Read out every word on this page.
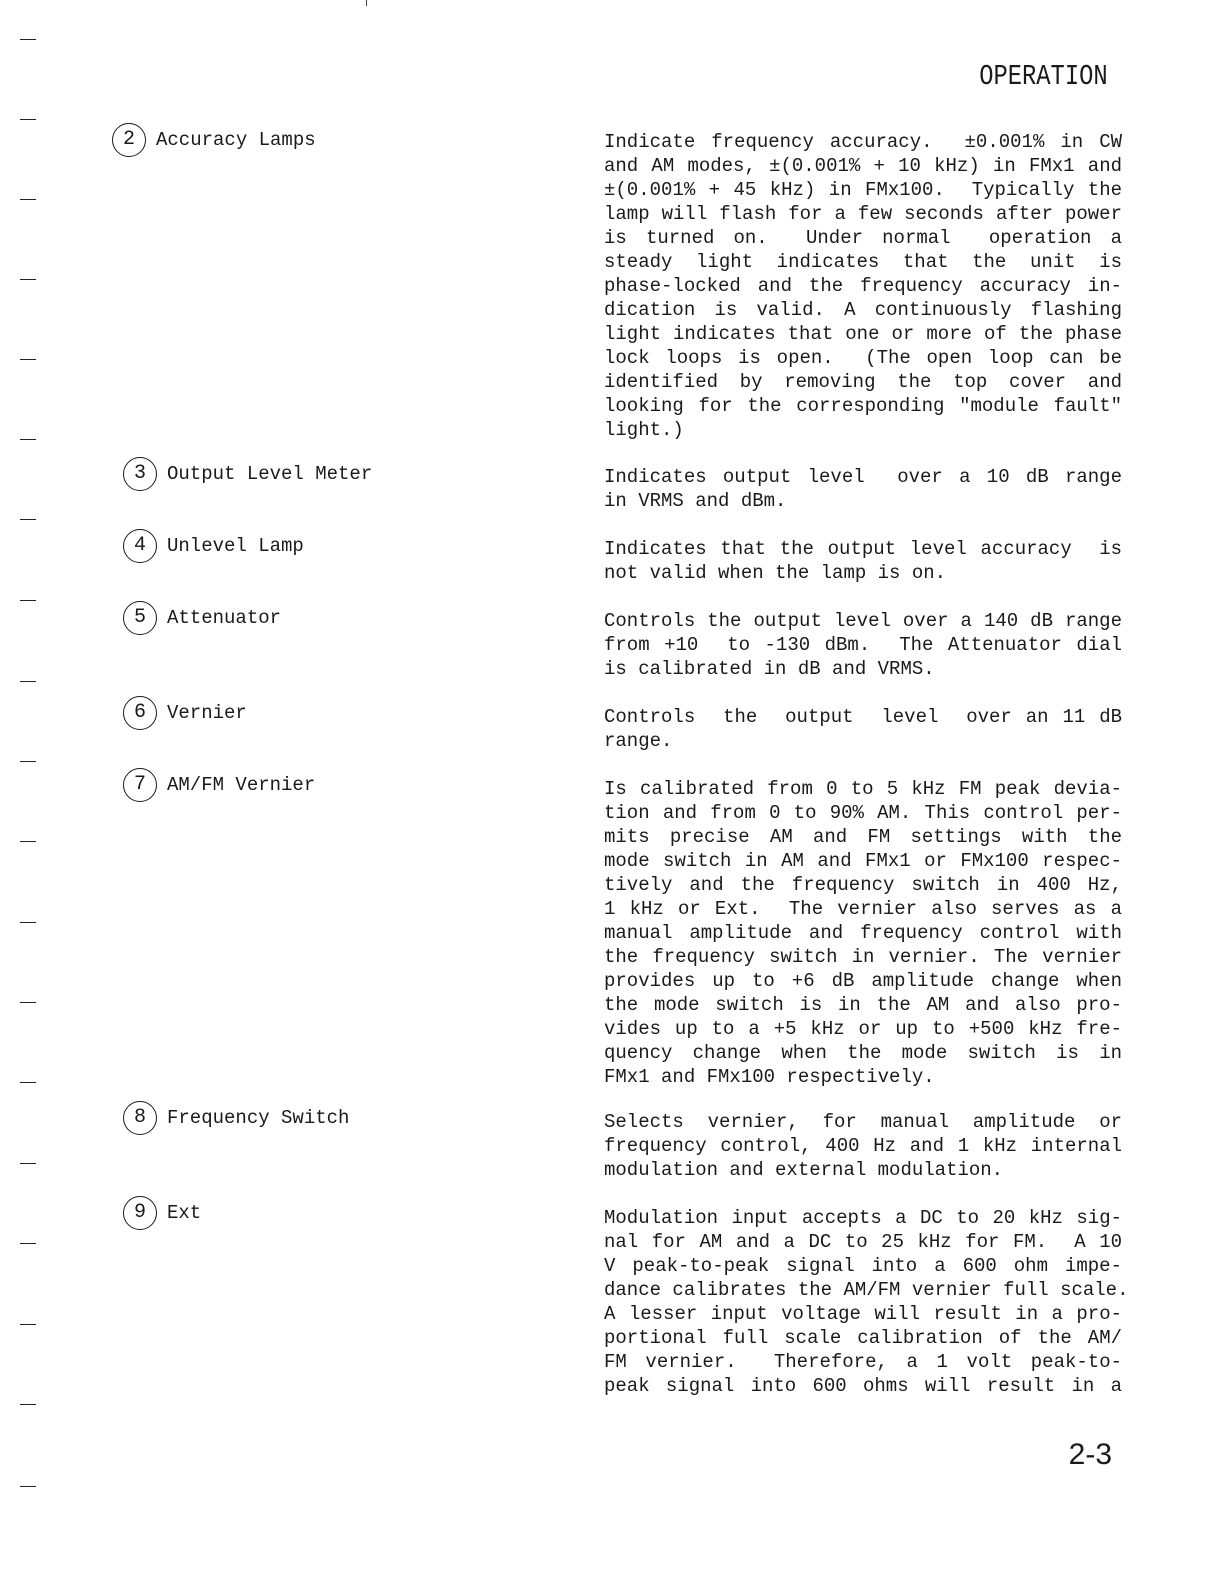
OPERATION
2	Accuracy Lamps	Indicate frequency accuracy.  ±0.001% in CW
and AM modes, ±(0.001% + 10 kHz) in FMx1 and
±(0.001% + 45 kHz) in FMx100.  Typically the
lamp will flash for a few seconds after power
is turned on.  Under normal  operation a
steady light indicates that the unit is
phase-locked and the frequency accuracy in-
dication is valid. A continuously flashing
light indicates that one or more of the phase
lock loops is open.  (The open loop can be
identified by removing the top cover and
looking for the corresponding "module fault"
light.)
3	Output Level Meter	Indicates output level  over a 10 dB range
in VRMS and dBm.
4	Unlevel Lamp	Indicates that the output level accuracy  is
not valid when the lamp is on.
5	Attenuator	Controls the output level over a 140 dB range
from +10  to -130 dBm.  The Attenuator dial
is calibrated in dB and VRMS.
6	Vernier	Controls  the  output  level  over an 11 dB
range.
7	AM/FM Vernier	Is calibrated from 0 to 5 kHz FM peak devia-
tion and from 0 to 90% AM. This control per-
mits precise AM and FM settings with the
mode switch in AM and FMx1 or FMx100 respec-
tively and the frequency switch in 400 Hz,
1 kHz or Ext.  The vernier also serves as a
manual amplitude and frequency control with
the frequency switch in vernier. The vernier
provides up to +6 dB amplitude change when
the mode switch is in the AM and also pro-
vides up to a +5 kHz or up to +500 kHz fre-
quency change when the mode switch is in
FMx1 and FMx100 respectively.
8	Frequency Switch	Selects vernier, for manual amplitude or
frequency control, 400 Hz and 1 kHz internal
modulation and external modulation.
9	Ext	Modulation input accepts a DC to 20 kHz sig-
nal for AM and a DC to 25 kHz for FM.  A 10
V peak-to-peak signal into a 600 ohm impe-
dance calibrates the AM/FM vernier full scale.
A lesser input voltage will result in a pro-
portional full scale calibration of the AM/
FM vernier.  Therefore, a 1 volt peak-to-
peak signal into 600 ohms will result in a
2-3
